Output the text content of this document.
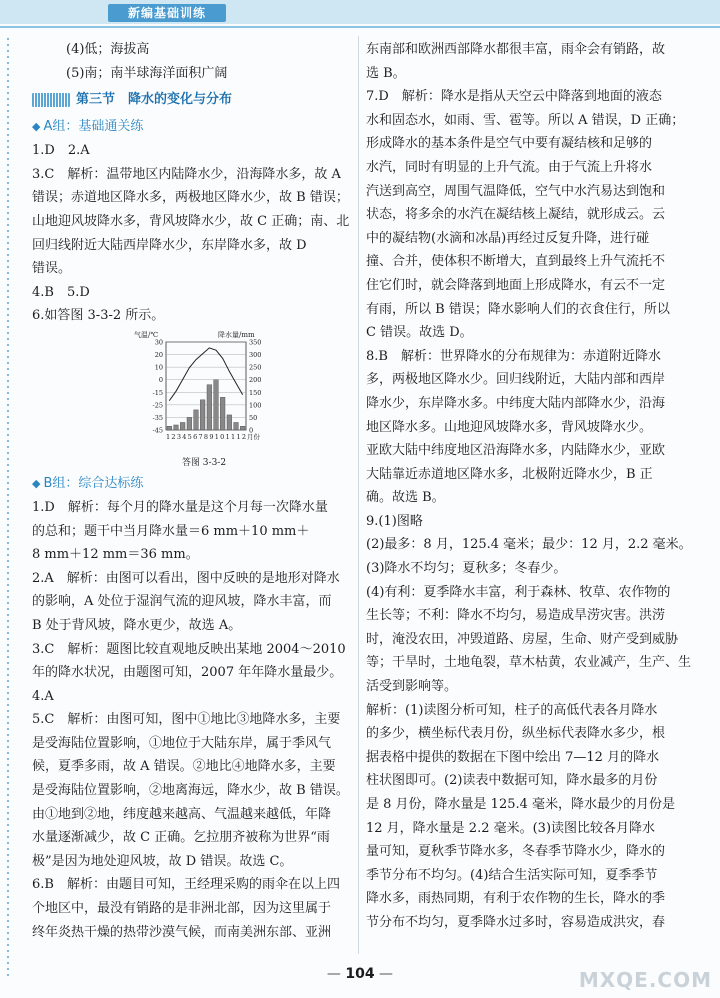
新编基础训练
(4)低；海拔高
(5)南；南半球海洋面积广阔
第三节　降水的变化与分布
◆ A组：基础通关练
1.D　2.A
3.C　解析：温带地区内陆降水少，沿海降水多，故 A
错误；赤道地区降水多，两极地区降水少，故 B 错误；
山地迎风坡降水多，背风坡降水少，故 C 正确；南、北
回归线附近大陆西岸降水少，东岸降水多，故 D
错误。
4.B　5.D
6.如答图 3-3-2 所示。
气温/℃	降水量/mm
30	350
20	300
10	250
0	200
-15	150
-25	100
-35	50
-45	0
123456789101112 月份
答图 3-3-2
◆ B组：综合达标练
1.D　解析：每个月的降水量是这个月每一次降水量
的总和；题干中当月降水量＝6 mm＋10 mm＋
8 mm＋12 mm＝36 mm。
2.A　解析：由图可以看出，图中反映的是地形对降水
的影响，A 处位于湿润气流的迎风坡，降水丰富，而
B 处于背风坡，降水更少，故选 A。
3.C　解析：题图比较直观地反映出某地 2004～2010
年的降水状况，由题图可知，2007 年年降水量最少。
4.A
5.C　解析：由图可知，图中①地比③地降水多，主要
是受海陆位置影响，①地位于大陆东岸，属于季风气
候，夏季多雨，故 A 错误。②地比④地降水多，主要
是受海陆位置影响，②地离海远，降水少，故 B 错误。
由①地到②地，纬度越来越高、气温越来越低，年降
水量逐渐减少，故 C 正确。乞拉朋齐被称为世界“雨
极”是因为地处迎风坡，故 D 错误。故选 C。
6.B　解析：由题目可知，王经理采购的雨伞在以上四
个地区中，最没有销路的是非洲北部，因为这里属于
终年炎热干燥的热带沙漠气候，而南美洲东部、亚洲
东南部和欧洲西部降水都很丰富，雨伞会有销路，故
选 B。
7.D　解析：降水是指从天空云中降落到地面的液态
水和固态水，如雨、雪、雹等。所以 A 错误，D 正确；
形成降水的基本条件是空气中要有凝结核和足够的
水汽，同时有明显的上升气流。由于气流上升将水
汽送到高空，周围气温降低，空气中水汽易达到饱和
状态，将多余的水汽在凝结核上凝结，就形成云。云
中的凝结物(水滴和冰晶)再经过反复升降，进行碰
撞、合并，使体积不断增大，直到最终上升气流托不
住它们时，就会降落到地面上形成降水，有云不一定
有雨，所以 B 错误；降水影响人们的衣食住行，所以
C 错误。故选 D。
8.B　解析：世界降水的分布规律为：赤道附近降水
多，两极地区降水少。回归线附近，大陆内部和西岸
降水少，东岸降水多。中纬度大陆内部降水少，沿海
地区降水多。山地迎风坡降水多，背风坡降水少。
亚欧大陆中纬度地区沿海降水多，内陆降水少，亚欧
大陆靠近赤道地区降水多，北极附近降水少，B 正
确。故选 B。
9.(1)图略
(2)最多：8 月，125.4 毫米；最少：12 月，2.2 毫米。
(3)降水不均匀；夏秋多；冬春少。
(4)有利：夏季降水丰富，利于森林、牧草、农作物的
生长等；不利：降水不均匀，易造成旱涝灾害。洪涝
时，淹没农田，冲毁道路、房屋，生命、财产受到威胁
等；干旱时，土地龟裂，草木枯黄，农业减产，生产、生
活受到影响等。
解析：(1)读图分析可知，柱子的高低代表各月降水
的多少，横坐标代表月份，纵坐标代表降水多少，根
据表格中提供的数据在下图中绘出 7—12 月的降水
柱状图即可。(2)读表中数据可知，降水最多的月份
是 8 月份，降水量是 125.4 毫米，降水最少的月份是
12 月，降水量是 2.2 毫米。(3)读图比较各月降水
量可知，夏秋季节降水多，冬春季节降水少，降水的
季节分布不均匀。(4)结合生活实际可知，夏季季节
降水多，雨热同期，有利于农作物的生长，降水的季
节分布不均匀，夏季降水过多时，容易造成洪灾，春
— 104 —	MXQE.COM
